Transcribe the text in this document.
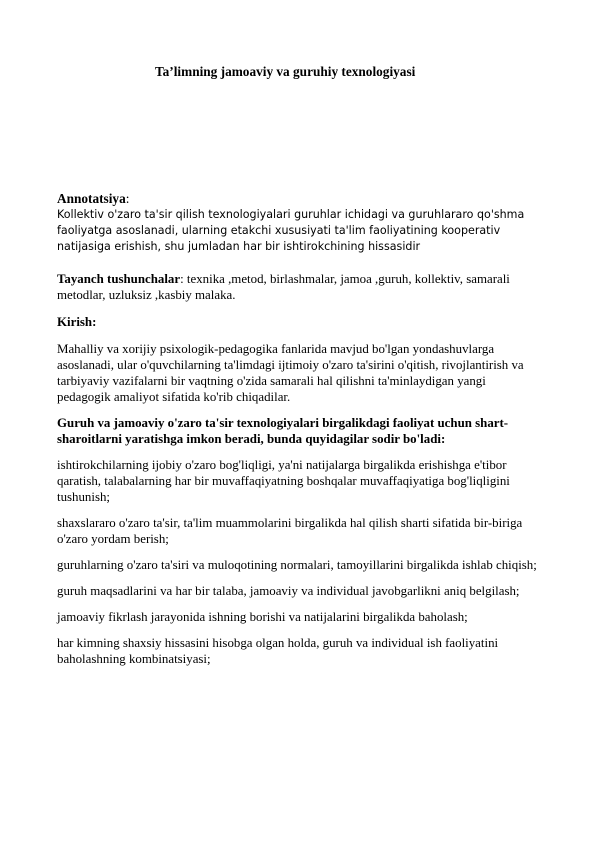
Ta’limning jamoaviy va guruhiy texnologiyasi

Annotatsiya:

Kollektiv o'zaro ta'sir qilish texnologiyalari guruhlar ichidagi va guruhlararo qo'shma faoliyatga asoslanadi, ularning etakchi xususiyati ta'lim faoliyatining kooperativ natijasiga erishish, shu jumladan har bir ishtirokchining hissasidir

Tayanch tushunchalar: texnika ,metod, birlashmalar, jamoa ,guruh, kollektiv, samarali metodlar, uzluksiz ,kasbiy malaka.

Kirish:

Mahalliy va xorijiy psixologik-pedagogika fanlarida mavjud bo'lgan yondashuvlarga asoslanadi, ular o'quvchilarning ta'limdagi ijtimoiy o'zaro ta'sirini o'qitish, rivojlantirish va tarbiyaviy vazifalarni bir vaqtning o'zida samarali hal qilishni ta'minlaydigan yangi pedagogik amaliyot sifatida ko'rib chiqadilar.

Guruh va jamoaviy o'zaro ta'sir texnologiyalari birgalikdagi faoliyat uchun shart-sharoitlarni yaratishga imkon beradi, bunda quyidagilar sodir bo'ladi:

ishtirokchilarning ijobiy o'zaro bog'liqligi, ya'ni natijalarga birgalikda erishishga e'tibor qaratish, talabalarning har bir muvaffaqiyatning boshqalar muvaffaqiyatiga bog'liqligini tushunish;

shaxslararo o'zaro ta'sir, ta'lim muammolarini birgalikda hal qilish sharti sifatida bir-biriga o'zaro yordam berish;

guruhlarning o'zaro ta'siri va muloqotining normalari, tamoyillarini birgalikda ishlab chiqish;

guruh maqsadlarini va har bir talaba, jamoaviy va individual javobgarlikni aniq belgilash;

jamoaviy fikrlash jarayonida ishning borishi va natijalarini birgalikda baholash;

har kimning shaxsiy hissasini hisobga olgan holda, guruh va individual ish faoliyatini baholashning kombinatsiyasi;
